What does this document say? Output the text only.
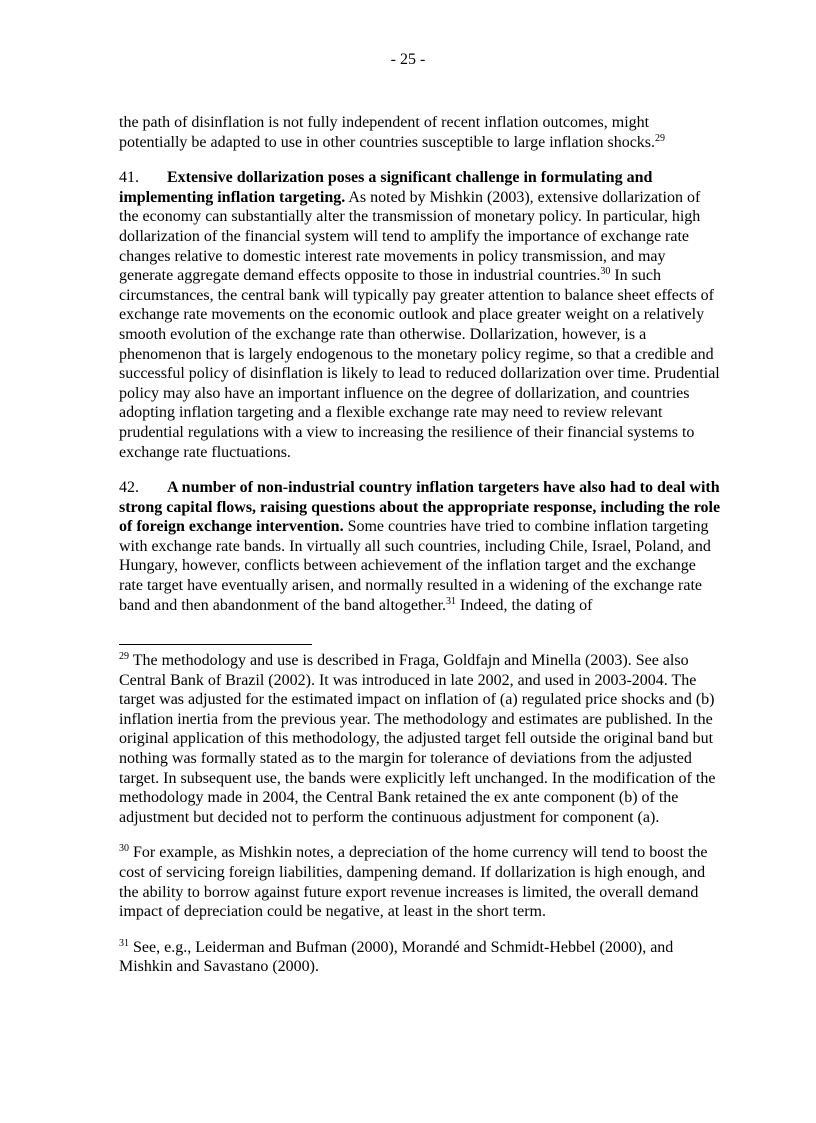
- 25 -

the path of disinflation is not fully independent of recent inflation outcomes, might potentially be adapted to use in other countries susceptible to large inflation shocks.$^{29}$

41. Extensive dollarization poses a significant challenge in formulating and implementing inflation targeting. As noted by Mishkin (2003), extensive dollarization of the economy can substantially alter the transmission of monetary policy. In particular, high dollarization of the financial system will tend to amplify the importance of exchange rate changes relative to domestic interest rate movements in policy transmission, and may generate aggregate demand effects opposite to those in industrial countries.$^{30}$ In such circumstances, the central bank will typically pay greater attention to balance sheet effects of exchange rate movements on the economic outlook and place greater weight on a relatively smooth evolution of the exchange rate than otherwise. Dollarization, however, is a phenomenon that is largely endogenous to the monetary policy regime, so that a credible and successful policy of disinflation is likely to lead to reduced dollarization over time. Prudential policy may also have an important influence on the degree of dollarization, and countries adopting inflation targeting and a flexible exchange rate may need to review relevant prudential regulations with a view to increasing the resilience of their financial systems to exchange rate fluctuations.

42. A number of non-industrial country inflation targeters have also had to deal with strong capital flows, raising questions about the appropriate response, including the role of foreign exchange intervention. Some countries have tried to combine inflation targeting with exchange rate bands. In virtually all such countries, including Chile, Israel, Poland, and Hungary, however, conflicts between achievement of the inflation target and the exchange rate target have eventually arisen, and normally resulted in a widening of the exchange rate band and then abandonment of the band altogether.$^{31}$ Indeed, the dating of

$^{29}$ The methodology and use is described in Fraga, Goldfajn and Minella (2003). See also Central Bank of Brazil (2002). It was introduced in late 2002, and used in 2003-2004. The target was adjusted for the estimated impact on inflation of (a) regulated price shocks and (b) inflation inertia from the previous year. The methodology and estimates are published. In the original application of this methodology, the adjusted target fell outside the original band but nothing was formally stated as to the margin for tolerance of deviations from the adjusted target. In subsequent use, the bands were explicitly left unchanged. In the modification of the methodology made in 2004, the Central Bank retained the ex ante component (b) of the adjustment but decided not to perform the continuous adjustment for component (a).

$^{30}$ For example, as Mishkin notes, a depreciation of the home currency will tend to boost the cost of servicing foreign liabilities, dampening demand. If dollarization is high enough, and the ability to borrow against future export revenue increases is limited, the overall demand impact of depreciation could be negative, at least in the short term.

$^{31}$ See, e.g., Leiderman and Bufman (2000), Morandé and Schmidt-Hebbel (2000), and Mishkin and Savastano (2000).
